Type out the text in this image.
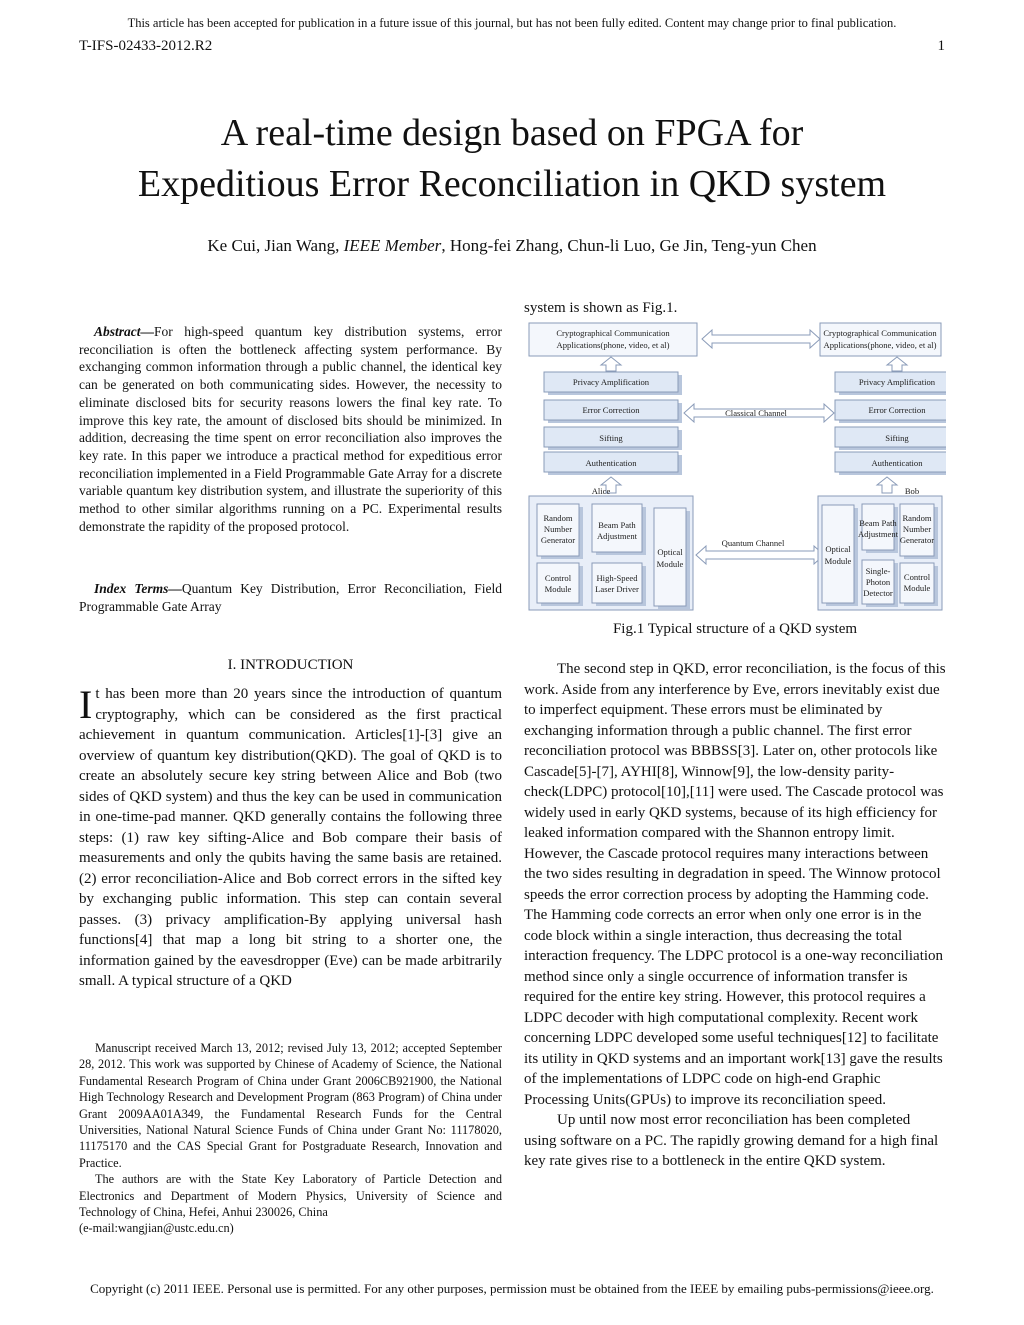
This article has been accepted for publication in a future issue of this journal, but has not been fully edited. Content may change prior to final publication.
T-IFS-02433-2012.R2	1
A real-time design based on FPGA for
Expeditious Error Reconciliation in QKD system
Ke Cui, Jian Wang, IEEE Member, Hong-fei Zhang, Chun-li Luo, Ge Jin, Teng-yun Chen
Abstract—For high-speed quantum key distribution systems, error reconciliation is often the bottleneck affecting system performance. By exchanging common information through a public channel, the identical key can be generated on both communicating sides. However, the necessity to eliminate disclosed bits for security reasons lowers the final key rate. To improve this key rate, the amount of disclosed bits should be minimized. In addition, decreasing the time spent on error reconciliation also improves the key rate. In this paper we introduce a practical method for expeditious error reconciliation implemented in a Field Programmable Gate Array for a discrete variable quantum key distribution system, and illustrate the superiority of this method to other similar algorithms running on a PC. Experimental results demonstrate the rapidity of the proposed protocol.
Index Terms—Quantum Key Distribution, Error Reconciliation, Field Programmable Gate Array
I. INTRODUCTION
It has been more than 20 years since the introduction of quantum cryptography, which can be considered as the first practical achievement in quantum communication. Articles[1]-[3] give an overview of quantum key distribution(QKD). The goal of QKD is to create an absolutely secure key string between Alice and Bob (two sides of QKD system) and thus the key can be used in communication in one-time-pad manner. QKD generally contains the following three steps: (1) raw key sifting-Alice and Bob compare their basis of measurements and only the qubits having the same basis are retained. (2) error reconciliation-Alice and Bob correct errors in the sifted key by exchanging public information. This step can contain several passes. (3) privacy amplification-By applying universal hash functions[4] that map a long bit string to a shorter one, the information gained by the eavesdropper (Eve) can be made arbitrarily small. A typical structure of a QKD

Manuscript received March 13, 2012; revised July 13, 2012; accepted September 28, 2012. This work was supported by Chinese of Academy of Science, the National Fundamental Research Program of China under Grant 2006CB921900, the National High Technology Research and Development Program (863 Program) of China under Grant 2009AA01A349, the Fundamental Research Funds for the Central Universities, National Natural Science Funds of China under Grant No: 11178020, 11175170 and the CAS Special Grant for Postgraduate Research, Innovation and Practice.

The authors are with the State Key Laboratory of Particle Detection and Electronics and Department of Modern Physics, University of Science and Technology of China, Hefei, Anhui 230026, China

(e-mail:wangjian@ustc.edu.cn)

system is shown as Fig.1.
Cryptographical Communication
Applications(phone, video, et al)
Cryptographical Communication
Applications(phone, video, et al)
Privacy Amplification
Error Correction
Sifting
Authentication
Privacy Amplification
Error Correction
Sifting
Authentication
Classical Channel
Alice
Random
Number
Generator
Beam Path
Adjustment
Control
Module
High-Speed
Laser Driver
Optical
Module
Quantum Channel
Bob
Optical
Module
Beam Path
Adjustment
Random
Number
Generator
Single-
Photon
Detector
Control
Module
Fig.1 Typical structure of a QKD system

The second step in QKD, error reconciliation, is the focus of this work. Aside from any interference by Eve, errors inevitably exist due to imperfect equipment. These errors must be eliminated by exchanging information through a public channel. The first error reconciliation protocol was BBBSS[3]. Later on, other protocols like Cascade[5]-[7], AYHI[8], Winnow[9], the low-density parity-check(LDPC) protocol[10],[11] were used. The Cascade protocol was widely used in early QKD systems, because of its high efficiency for leaked information compared with the Shannon entropy limit. However, the Cascade protocol requires many interactions between the two sides resulting in degradation in speed. The Winnow protocol speeds the error correction process by adopting the Hamming code. The Hamming code corrects an error when only one error is in the code block within a single interaction, thus decreasing the total interaction frequency. The LDPC protocol is a one-way reconciliation method since only a single occurrence of information transfer is required for the entire key string. However, this protocol requires a LDPC decoder with high computational complexity. Recent work concerning LDPC developed some useful techniques[12] to facilitate its utility in QKD systems and an important work[13] gave the results of the implementations of LDPC code on high-end Graphic Processing Units(GPUs) to improve its reconciliation speed.

Up until now most error reconciliation has been completed using software on a PC. The rapidly growing demand for a high final key rate gives rise to a bottleneck in the entire QKD system.

Copyright (c) 2011 IEEE. Personal use is permitted. For any other purposes, permission must be obtained from the IEEE by emailing pubs-permissions@ieee.org.
